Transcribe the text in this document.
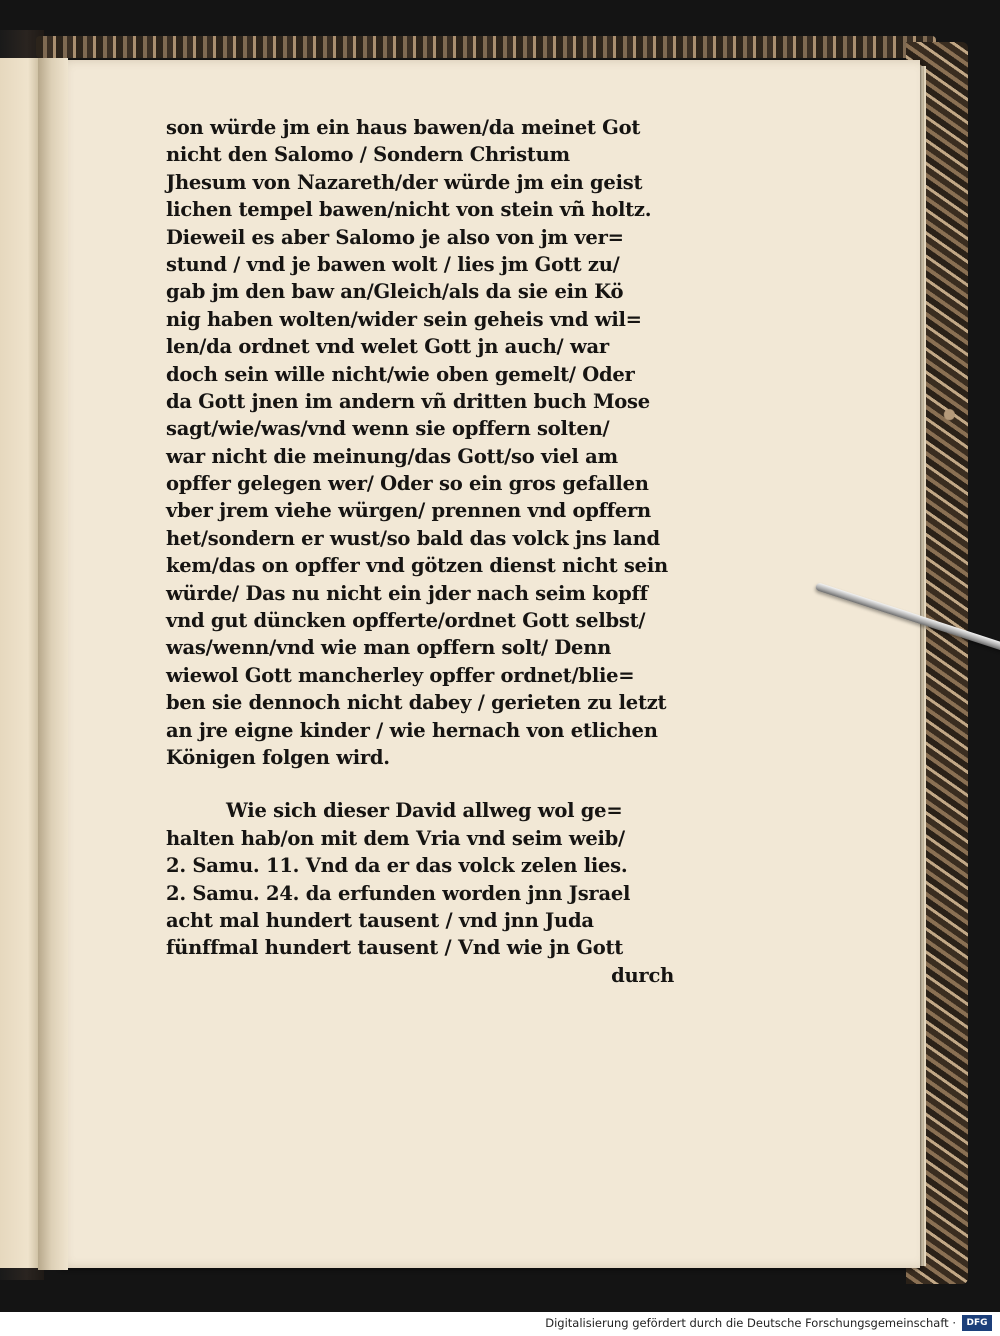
son würde jm ein haus bawen/da meinet Got
nicht den Salomo / Sondern Christum
Jhesum von Nazareth/der würde jm ein geist
lichen tempel bawen/nicht von stein vñ holtz.
Dieweil es aber Salomo je also von jm ver=
stund / vnd je bawen wolt / lies jm Gott zu/
gab jm den baw an/Gleich/als da sie ein Kö
nig haben wolten/wider sein geheis vnd wil=
len/da ordnet vnd welet Gott jn auch/ war
doch sein wille nicht/wie oben gemelt/ Oder
da Gott jnen im andern vñ dritten buch Mose
sagt/wie/was/vnd wenn sie opffern solten/
war nicht die meinung/das Gott/so viel am
opffer gelegen wer/ Oder so ein gros gefallen
vber jrem viehe würgen/ prennen vnd opffern
het/sondern er wust/so bald das volck jns land
kem/das on opffer vnd götzen dienst nicht sein
würde/ Das nu nicht ein jder nach seim kopff
vnd gut düncken opfferte/ordnet Gott selbst/
was/wenn/vnd wie man opffern solt/ Denn
wiewol Gott mancherley opffer ordnet/blie=
ben sie dennoch nicht dabey / gerieten zu letzt
an jre eigne kinder / wie hernach von etlichen
Königen folgen wird.
Wie sich dieser David allweg wol ge=
halten hab/on mit dem Vria vnd seim weib/
2. Samu. 11. Vnd da er das volck zelen lies.
2. Samu. 24. da erfunden worden jnn Jsrael
acht mal hundert tausent / vnd jnn Juda
fünffmal hundert tausent / Vnd wie jn Gott
durch
Digitalisierung gefördert durch die Deutsche Forschungsgemeinschaft ·	DFG
